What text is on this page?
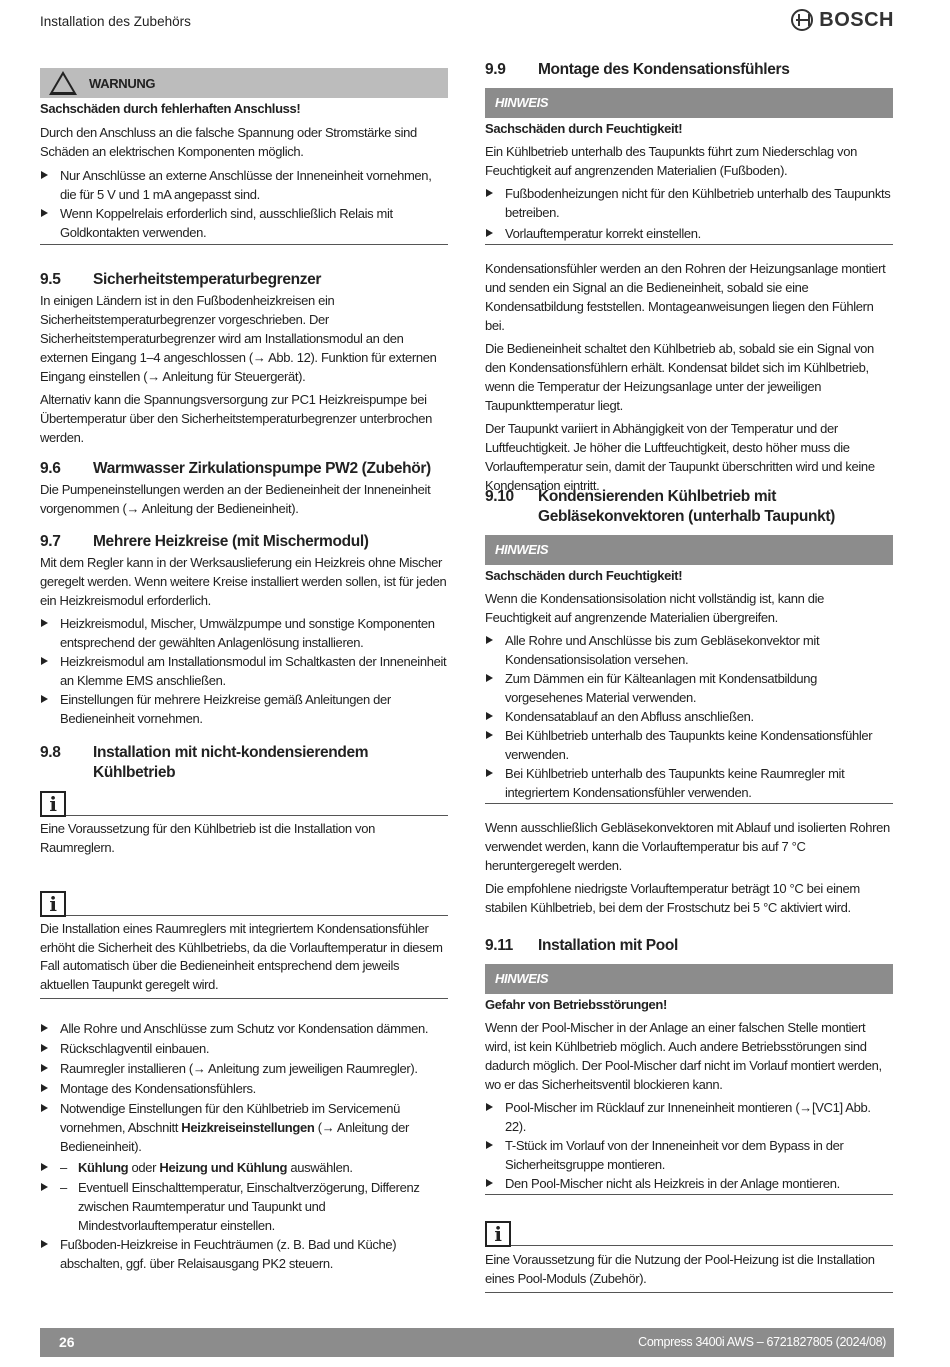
Installation des Zubehörs	BOSCH
! WARNUNG

Sachschäden durch fehlerhaften Anschluss!

Durch den Anschluss an die falsche Spannung oder Stromstärke sind Schäden an elektrischen Komponenten möglich.

Nur Anschlüsse an externe Anschlüsse der Inneneinheit vornehmen, die für 5 V und 1 mA angepasst sind.
Wenn Koppelrelais erforderlich sind, ausschließlich Relais mit Goldkontakten verwenden.
9.5	Sicherheitstemperaturbegrenzer

In einigen Ländern ist in den Fußbodenheizkreisen ein Sicherheitstemperaturbegrenzer vorgeschrieben. Der Sicherheitstemperaturbegrenzer wird am Installationsmodul an den externen Eingang 1–4 angeschlossen (→ Abb. 12). Funktion für externen Eingang einstellen (→ Anleitung für Steuergerät).

Alternativ kann die Spannungsversorgung zur PC1 Heizkreispumpe bei Übertemperatur über den Sicherheitstemperaturbegrenzer unterbrochen werden.

9.6	Warmwasser Zirkulationspumpe PW2 (Zubehör)

Die Pumpeneinstellungen werden an der Bedieneinheit der Inneneinheit vorgenommen (→ Anleitung der Bedieneinheit).

9.7	Mehrere Heizkreise (mit Mischermodul)

Mit dem Regler kann in der Werksauslieferung ein Heizkreis ohne Mischer geregelt werden. Wenn weitere Kreise installiert werden sollen, ist für jeden ein Heizkreismodul erforderlich.

Heizkreismodul, Mischer, Umwälzpumpe und sonstige Komponenten entsprechend der gewählten Anlagenlösung installieren.
Heizkreismodul am Installationsmodul im Schaltkasten der Inneneinheit an Klemme EMS anschließen.
Einstellungen für mehrere Heizkreise gemäß Anleitungen der Bedieneinheit vornehmen.
9.8	Installation mit nicht-kondensierendem Kühlbetrieb
i

Eine Voraussetzung für den Kühlbetrieb ist die Installation von Raumreglern.

i

Die Installation eines Raumreglers mit integriertem Kondensationsfühler erhöht die Sicherheit des Kühlbetriebs, da die Vorlauftemperatur in diesem Fall automatisch über die Bedieneinheit entsprechend dem jeweils aktuellen Taupunkt geregelt wird.

Alle Rohre und Anschlüsse zum Schutz vor Kondensation dämmen.
Rückschlagventil einbauen.
Raumregler installieren (→ Anleitung zum jeweiligen Raumregler).
Montage des Kondensationsfühlers.
Notwendige Einstellungen für den Kühlbetrieb im Servicemenü vornehmen, Abschnitt Heizkreiseinstellungen (→ Anleitung der Bedieneinheit).
– Kühlung oder Heizung und Kühlung auswählen.
– Eventuell Einschalttemperatur, Einschaltverzögerung, Differenz zwischen Raumtemperatur und Taupunkt und Mindestvorlauftemperatur einstellen.
Fußboden-Heizkreise in Feuchträumen (z. B. Bad und Küche) abschalten, ggf. über Relaisausgang PK2 steuern.
9.9	Montage des Kondensationsfühlers
HINWEIS

Sachschäden durch Feuchtigkeit!

Ein Kühlbetrieb unterhalb des Taupunkts führt zum Niederschlag von Feuchtigkeit auf angrenzenden Materialien (Fußboden).

Fußbodenheizungen nicht für den Kühlbetrieb unterhalb des Taupunkts betreiben.
Vorlauftemperatur korrekt einstellen.

Kondensationsfühler werden an den Rohren der Heizungsanlage montiert und senden ein Signal an die Bedieneinheit, sobald sie eine Kondensatbildung feststellen. Montageanweisungen liegen den Fühlern bei.

Die Bedieneinheit schaltet den Kühlbetrieb ab, sobald sie ein Signal von den Kondensationsfühlern erhält. Kondensat bildet sich im Kühlbetrieb, wenn die Temperatur der Heizungsanlage unter der jeweiligen Taupunkttemperatur liegt.

Der Taupunkt variiert in Abhängigkeit von der Temperatur und der Luftfeuchtigkeit. Je höher die Luftfeuchtigkeit, desto höher muss die Vorlauftemperatur sein, damit der Taupunkt überschritten wird und keine Kondensation eintritt.

9.10	Kondensierenden Kühlbetrieb mit Gebläsekonvektoren (unterhalb Taupunkt)
HINWEIS

Sachschäden durch Feuchtigkeit!

Wenn die Kondensationsisolation nicht vollständig ist, kann die Feuchtigkeit auf angrenzende Materialien übergreifen.

Alle Rohre und Anschlüsse bis zum Gebläsekonvektor mit Kondensationsisolation versehen.
Zum Dämmen ein für Kälteanlagen mit Kondensatbildung vorgesehenes Material verwenden.
Kondensatablauf an den Abfluss anschließen.
Bei Kühlbetrieb unterhalb des Taupunkts keine Kondensationsfühler verwenden.
Bei Kühlbetrieb unterhalb des Taupunkts keine Raumregler mit integriertem Kondensationsfühler verwenden.

Wenn ausschließlich Gebläsekonvektoren mit Ablauf und isolierten Rohren verwendet werden, kann die Vorlauftemperatur bis auf 7 °C heruntergeregelt werden.

Die empfohlene niedrigste Vorlauftemperatur beträgt 10 °C bei einem stabilen Kühlbetrieb, bei dem der Frostschutz bei 5 °C aktiviert wird.

9.11	Installation mit Pool
HINWEIS

Gefahr von Betriebsstörungen!

Wenn der Pool-Mischer in der Anlage an einer falschen Stelle montiert wird, ist kein Kühlbetrieb möglich. Auch andere Betriebsstörungen sind dadurch möglich. Der Pool-Mischer darf nicht im Vorlauf montiert werden, wo er das Sicherheitsventil blockieren kann.

Pool-Mischer im Rücklauf zur Inneneinheit montieren (→[VC1] Abb. 22).
T-Stück im Vorlauf von der Inneneinheit vor dem Bypass in der Sicherheitsgruppe montieren.
Den Pool-Mischer nicht als Heizkreis in der Anlage montieren.
i

Eine Voraussetzung für die Nutzung der Pool-Heizung ist die Installation eines Pool-Moduls (Zubehör).

26	Compress 3400i AWS – 6721827805 (2024/08)
